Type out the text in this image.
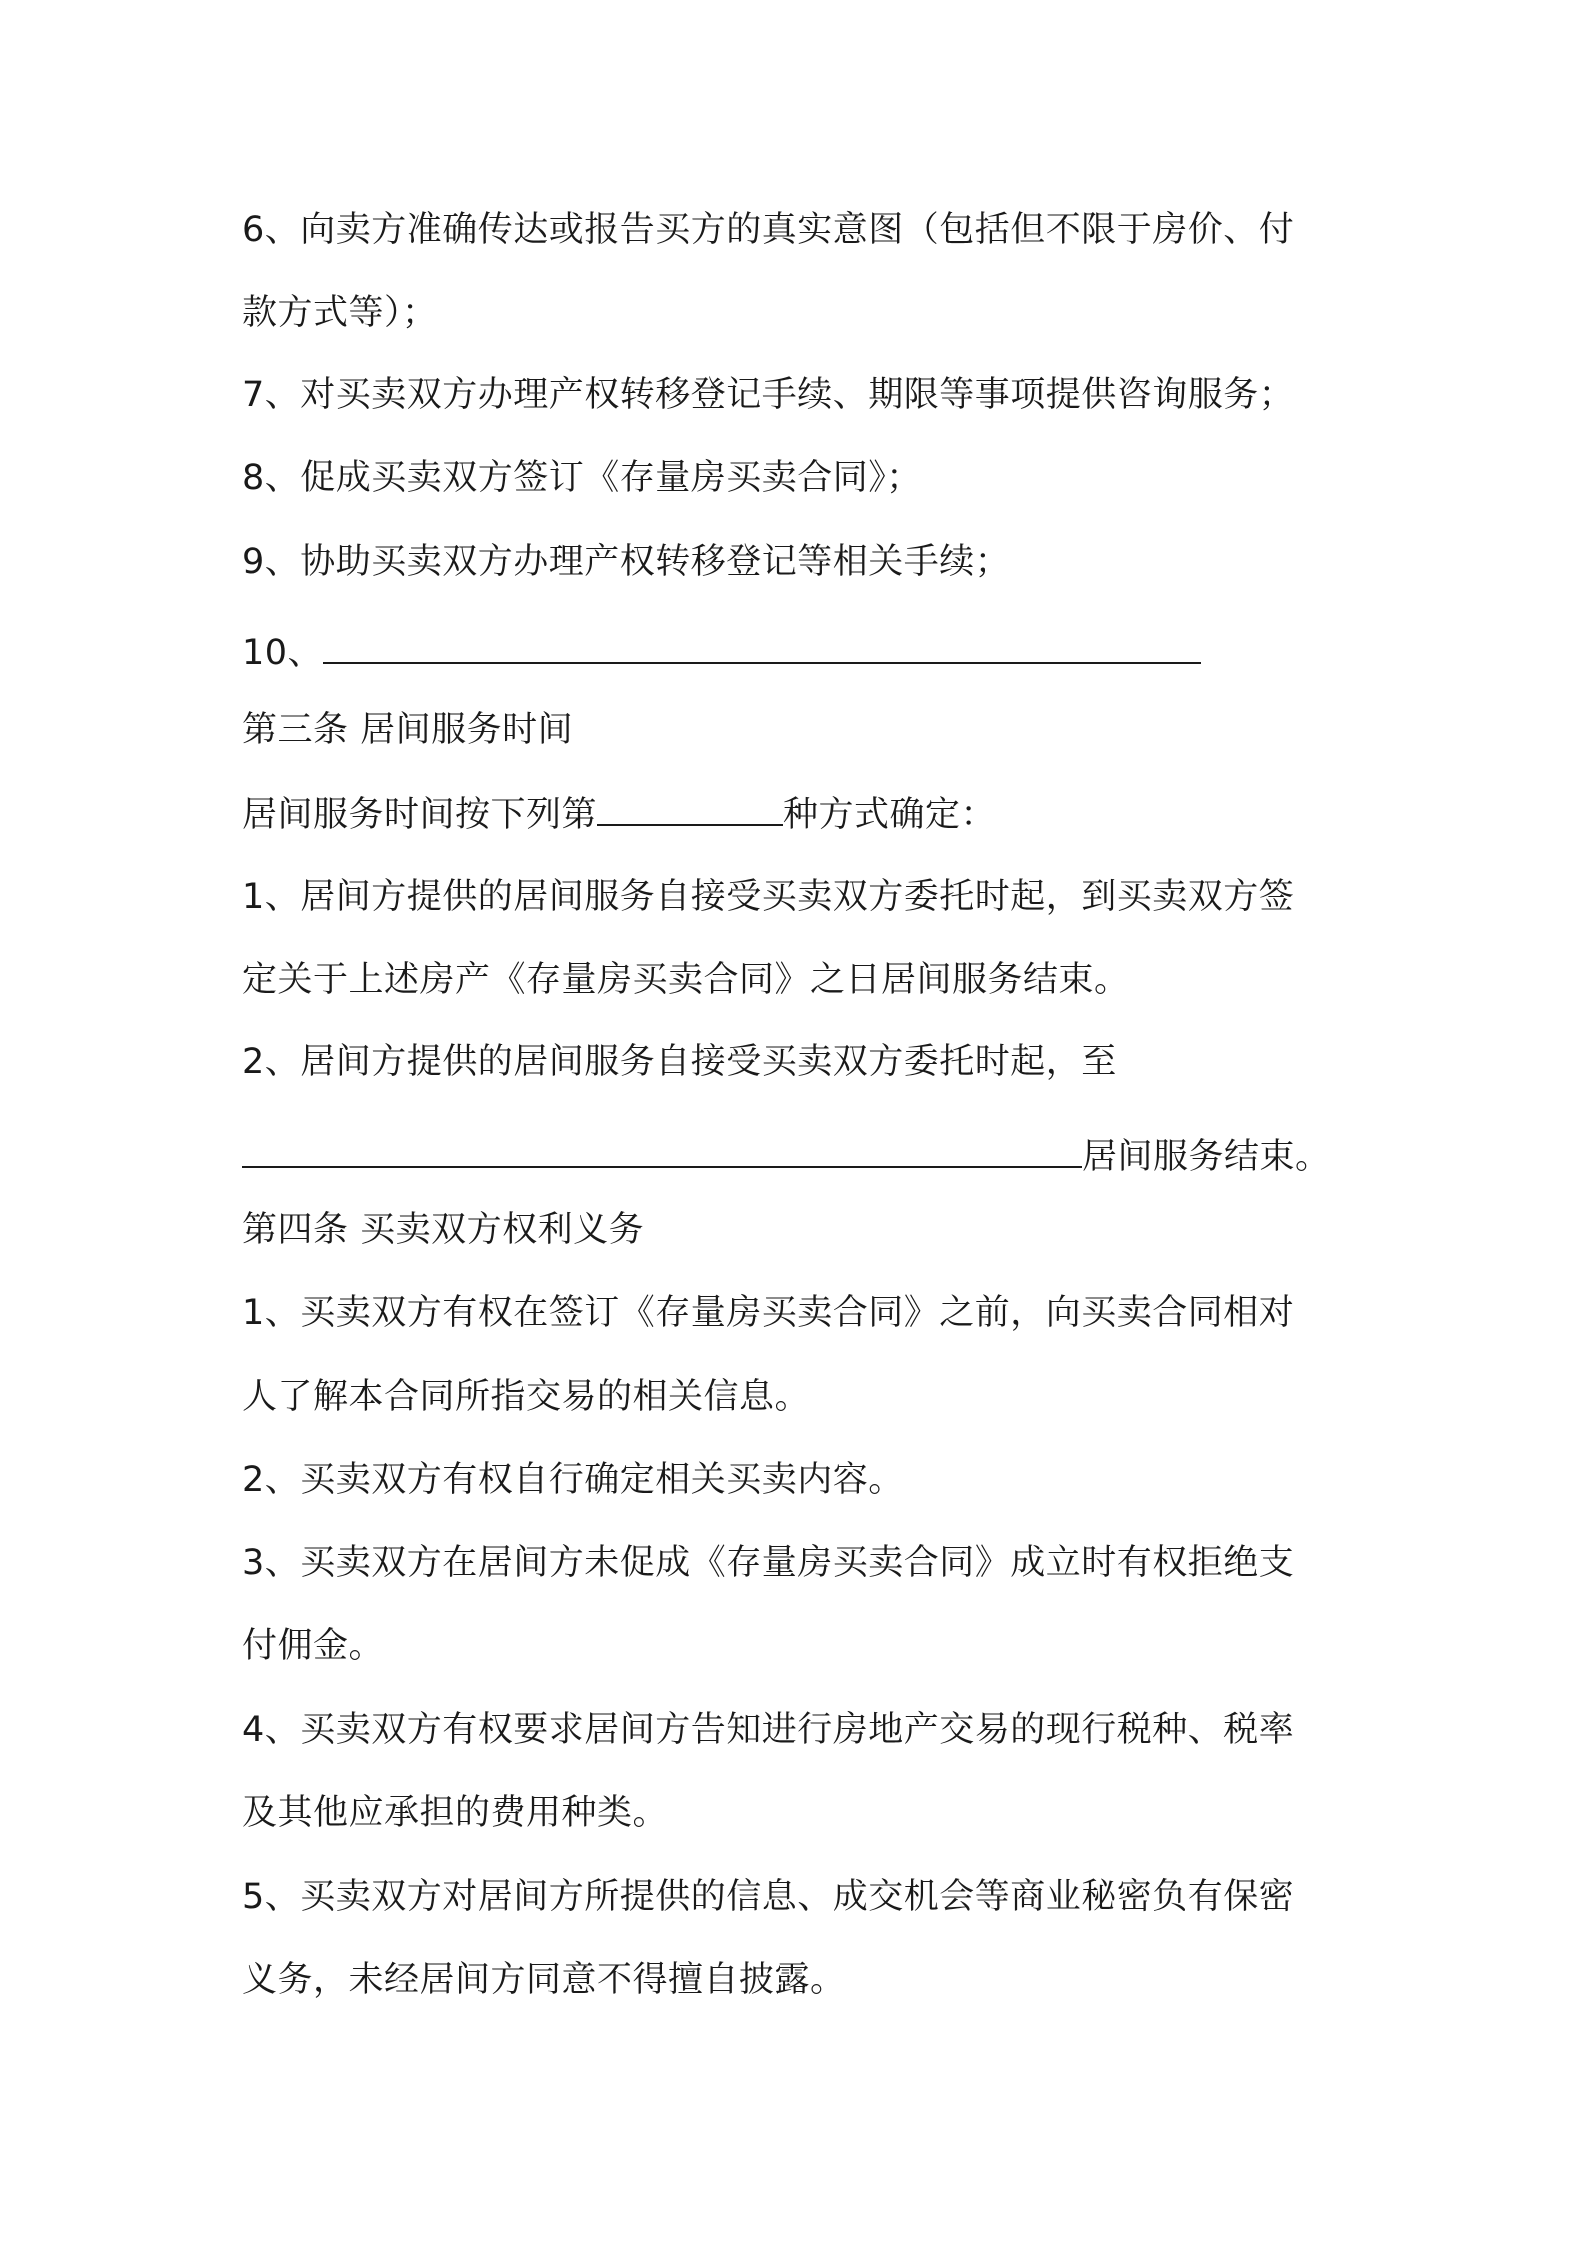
6、向卖方准确传达或报告买方的真实意图（包括但不限于房价、付
款方式等）；
7、对买卖双方办理产权转移登记手续、期限等事项提供咨询服务；
8、促成买卖双方签订《存量房买卖合同》；
9、协助买卖双方办理产权转移登记等相关手续；
10、
第三条 居间服务时间
居间服务时间按下列第	种方式确定：
1、居间方提供的居间服务自接受买卖双方委托时起，到买卖双方签
定关于上述房产《存量房买卖合同》之日居间服务结束。
2、居间方提供的居间服务自接受买卖双方委托时起，至
居间服务结束。
第四条 买卖双方权利义务
1、买卖双方有权在签订《存量房买卖合同》之前，向买卖合同相对
人了解本合同所指交易的相关信息。
2、买卖双方有权自行确定相关买卖内容。
3、买卖双方在居间方未促成《存量房买卖合同》成立时有权拒绝支
付佣金。
4、买卖双方有权要求居间方告知进行房地产交易的现行税种、税率
及其他应承担的费用种类。
5、买卖双方对居间方所提供的信息、成交机会等商业秘密负有保密
义务，未经居间方同意不得擅自披露。
